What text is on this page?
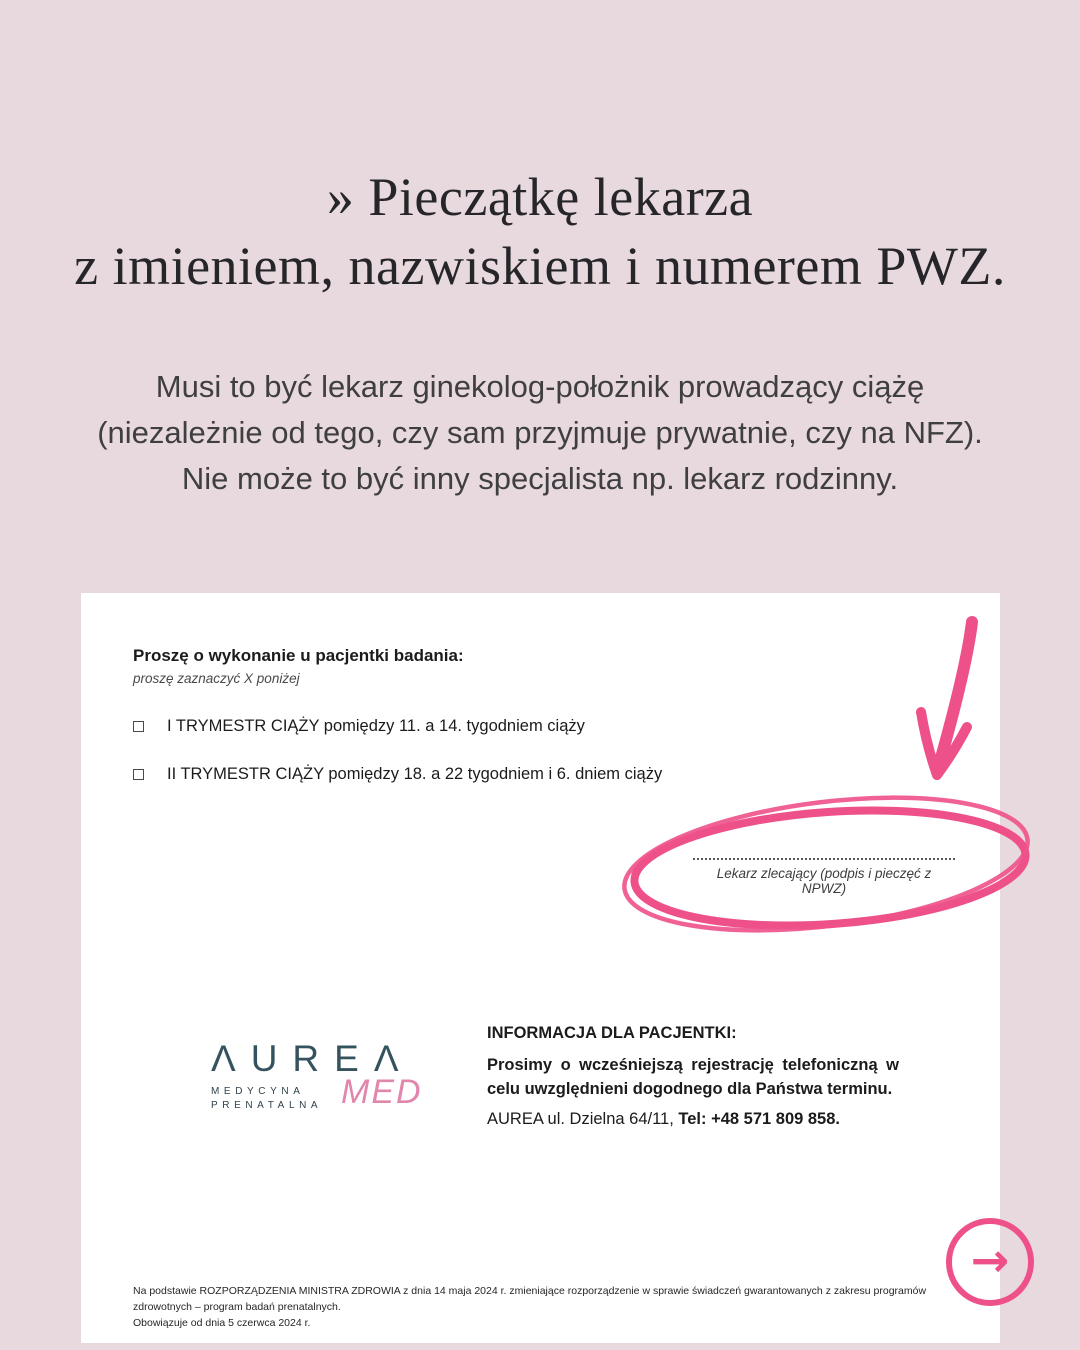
» Pieczątkę lekarza
z imieniem, nazwiskiem i numerem PWZ.
Musi to być lekarz ginekolog-położnik prowadzący ciążę
(niezależnie od tego, czy sam przyjmuje prywatnie, czy na NFZ).
Nie może to być inny specjalista np. lekarz rodzinny.
Proszę o wykonanie u pacjentki badania:
proszę zaznaczyć X poniżej
I TRYMESTR CIĄŻY pomiędzy 11. a 14. tygodniem ciąży
II TRYMESTR CIĄŻY pomiędzy 18. a 22 tygodniem i 6. dniem ciąży
Lekarz zlecający (podpis i pieczęć z NPWZ)
ΛUREΛ
MEDYCYNA
PRENATALNA MED
INFORMACJA DLA PACJENTKI:
Prosimy o wcześniejszą rejestrację telefoniczną w celu uwzględnieni dogodnego dla Państwa terminu.
AUREA ul. Dzielna 64/11, Tel: +48 571 809 858.
Na podstawie ROZPORZĄDZENIA MINISTRA ZDROWIA z dnia 14 maja 2024 r. zmieniające rozporządzenie w sprawie świadczeń gwarantowanych z zakresu programów zdrowotnych – program badań prenatalnych.
Obowiązuje od dnia 5 czerwca 2024 r.
→
